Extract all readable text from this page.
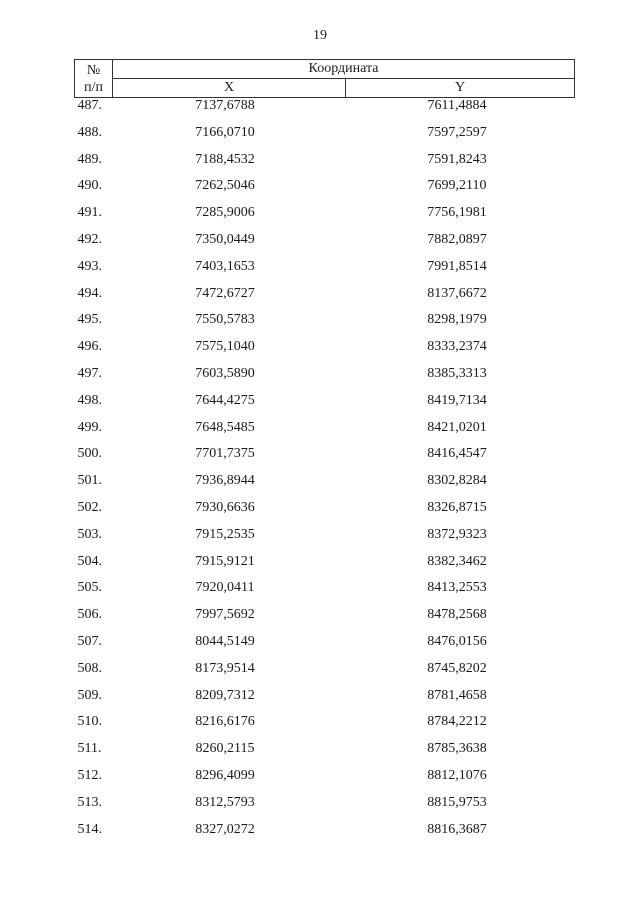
19
№
п/п	Координата	
	X	Y
487.	7137,6788	7611,4884
488.	7166,0710	7597,2597
489.	7188,4532	7591,8243
490.	7262,5046	7699,2110
491.	7285,9006	7756,1981
492.	7350,0449	7882,0897
493.	7403,1653	7991,8514
494.	7472,6727	8137,6672
495.	7550,5783	8298,1979
496.	7575,1040	8333,2374
497.	7603,5890	8385,3313
498.	7644,4275	8419,7134
499.	7648,5485	8421,0201
500.	7701,7375	8416,4547
501.	7936,8944	8302,8284
502.	7930,6636	8326,8715
503.	7915,2535	8372,9323
504.	7915,9121	8382,3462
505.	7920,0411	8413,2553
506.	7997,5692	8478,2568
507.	8044,5149	8476,0156
508.	8173,9514	8745,8202
509.	8209,7312	8781,4658
510.	8216,6176	8784,2212
511.	8260,2115	8785,3638
512.	8296,4099	8812,1076
513.	8312,5793	8815,9753
514.	8327,0272	8816,3687
